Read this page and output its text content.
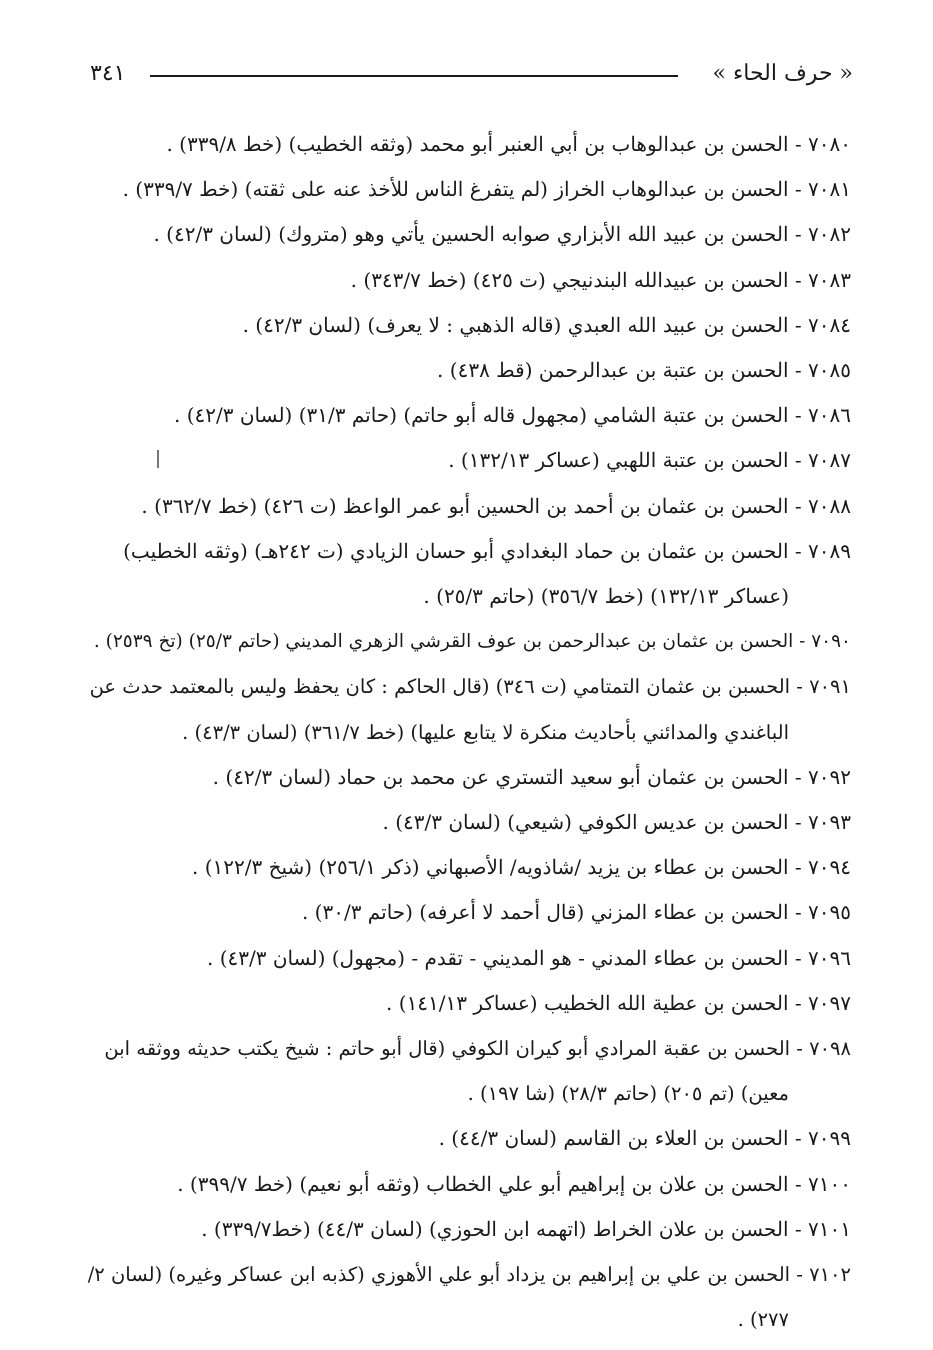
« حرف الحاء »
٣٤١

٧٠٨٠ - الحسن بن عبدالوهاب بن أبي العنبر أبو محمد (وثقه الخطيب) (خط ٣٣٩/٨) .

٧٠٨١ - الحسن بن عبدالوهاب الخراز (لم يتفرغ الناس للأخذ عنه على ثقته) (خط ٣٣٩/٧) .

٧٠٨٢ - الحسن بن عبيد الله الأبزاري صوابه الحسين يأتي وهو (متروك) (لسان ٤٢/٣) .

٧٠٨٣ - الحسن بن عبيدالله البندنيجي (ت ٤٢٥) (خط ٣٤٣/٧) .

٧٠٨٤ - الحسن بن عبيد الله العبدي (قاله الذهبي : لا يعرف) (لسان ٤٢/٣) .

٧٠٨٥ - الحسن بن عتبة بن عبدالرحمن (قط ٤٣٨) .

٧٠٨٦ - الحسن بن عتبة الشامي (مجهول قاله أبو حاتم) (حاتم ٣١/٣) (لسان ٤٢/٣) .

٧٠٨٧ - الحسن بن عتبة اللهبي (عساكر ١٣٢/١٣) .

٧٠٨٨ - الحسن بن عثمان بن أحمد بن الحسين أبو عمر الواعظ (ت ٤٢٦) (خط ٣٦٢/٧) .

٧٠٨٩ - الحسن بن عثمان بن حماد البغدادي أبو حسان الزيادي (ت ٢٤٢هـ) (وثقه الخطيب)
(عساكر ١٣٢/١٣) (خط ٣٥٦/٧) (حاتم ٢٥/٣) .

٧٠٩٠ - الحسن بن عثمان بن عبدالرحمن بن عوف القرشي الزهري المديني (حاتم ٢٥/٣) (تخ ٢٥٣٩) .

٧٠٩١ - الحسبن بن عثمان التمتامي (ت ٣٤٦) (قال الحاكم : كان يحفظ وليس بالمعتمد حدث عن
الباغندي والمدائني بأحاديث منكرة لا يتابع عليها) (خط ٣٦١/٧) (لسان ٤٣/٣) .

٧٠٩٢ - الحسن بن عثمان أبو سعيد التستري عن محمد بن حماد (لسان ٤٢/٣) .

٧٠٩٣ - الحسن بن عديس الكوفي (شيعي) (لسان ٤٣/٣) .

٧٠٩٤ - الحسن بن عطاء بن يزيد /شاذويه/ الأصبهاني (ذكر ٢٥٦/١) (شيخ ١٢٢/٣) .

٧٠٩٥ - الحسن بن عطاء المزني (قال أحمد لا أعرفه) (حاتم ٣٠/٣) .

٧٠٩٦ - الحسن بن عطاء المدني - هو المديني - تقدم - (مجهول) (لسان ٤٣/٣) .

٧٠٩٧ - الحسن بن عطية الله الخطيب (عساكر ١٤١/١٣) .

٧٠٩٨ - الحسن بن عقبة المرادي أبو كيران الكوفي (قال أبو حاتم : شيخ يكتب حديثه ووثقه ابن
معين) (تم ٢٠٥) (حاتم ٢٨/٣) (شا ١٩٧) .

٧٠٩٩ - الحسن بن العلاء بن القاسم (لسان ٤٤/٣) .

٧١٠٠ - الحسن بن علان بن إبراهيم أبو علي الخطاب (وثقه أبو نعيم) (خط ٣٩٩/٧) .

٧١٠١ - الحسن بن علان الخراط (اتهمه ابن الحوزي) (لسان ٤٤/٣) (خط٣٣٩/٧) .

٧١٠٢ - الحسن بن علي بن إبراهيم بن يزداد أبو علي الأهوزي (كذبه ابن عساكر وغيره) (لسان ٢/
٢٧٧) .
